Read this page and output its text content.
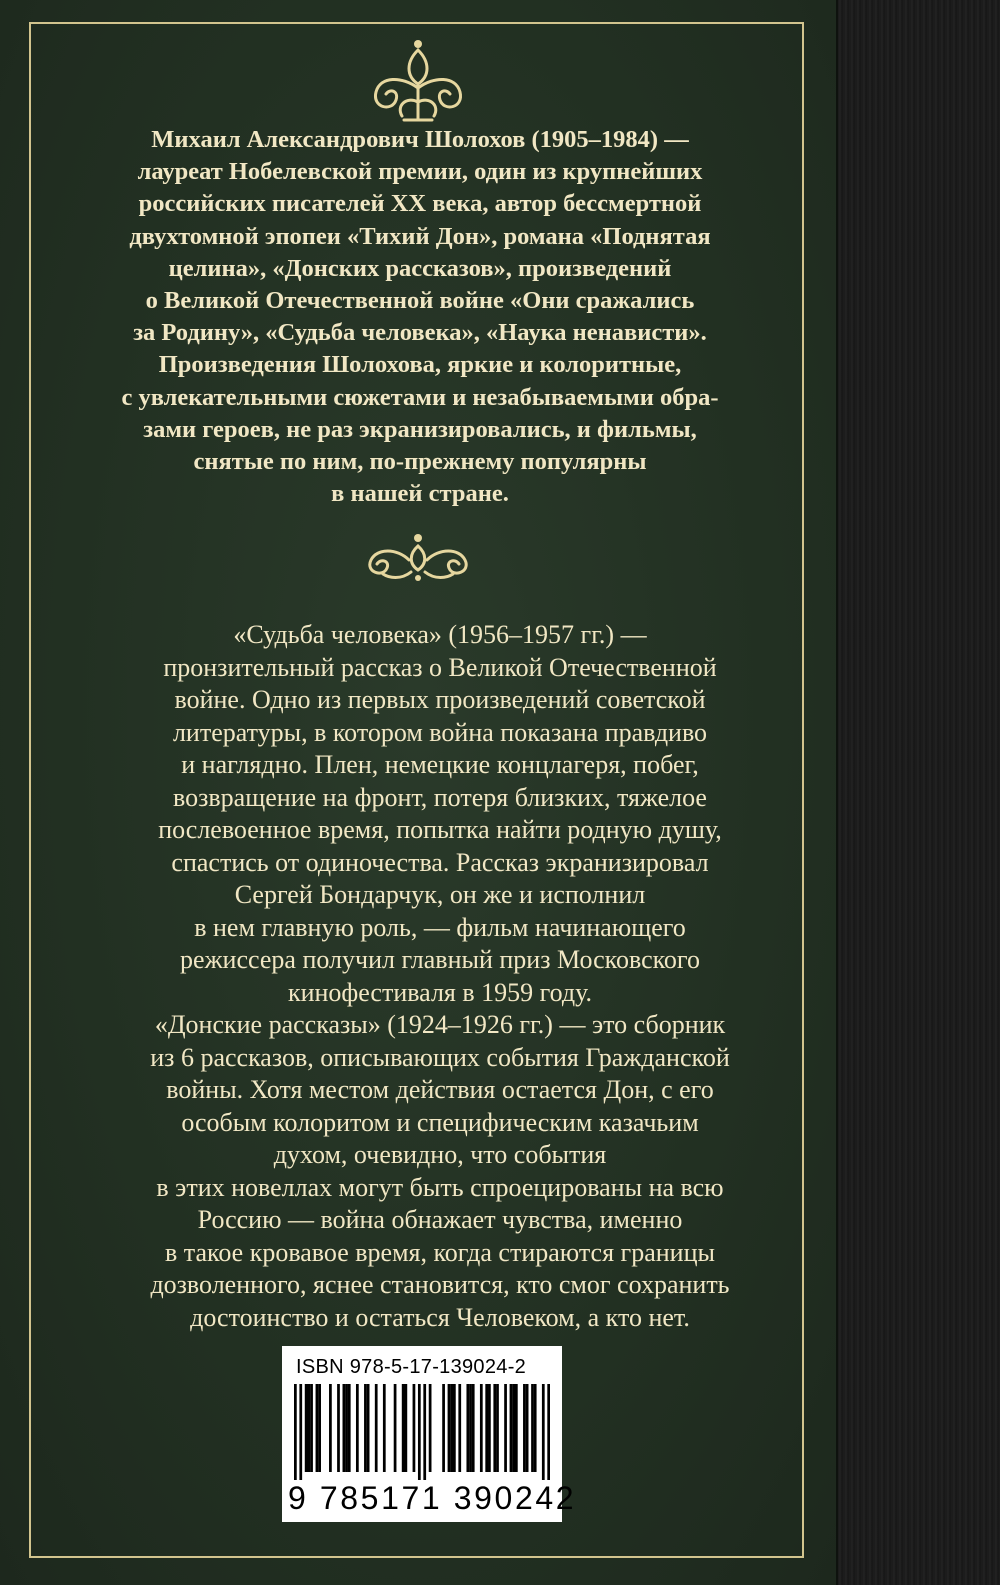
Михаил Александрович Шолохов (1905–1984) —
лауреат Нобелевской премии, один из крупнейших
российских писателей XX века, автор бессмертной
двухтомной эпопеи «Тихий Дон», романа «Поднятая
целина», «Донских рассказов», произведений
о Великой Отечественной войне «Они сражались
за Родину», «Судьба человека», «Наука ненависти».
Произведения Шолохова, яркие и колоритные,
с увлекательными сюжетами и незабываемыми обра-
зами героев, не раз экранизировались, и фильмы,
снятые по ним, по-прежнему популярны
в нашей стране.
«Судьба человека» (1956–1957 гг.) —
пронзительный рассказ о Великой Отечественной
войне. Одно из первых произведений советской
литературы, в котором война показана правдиво
и наглядно. Плен, немецкие концлагеря, побег,
возвращение на фронт, потеря близких, тяжелое
послевоенное время, попытка найти родную душу,
спастись от одиночества. Рассказ экранизировал
Сергей Бондарчук, он же и исполнил
в нем главную роль, — фильм начинающего
режиссера получил главный приз Московского
кинофестиваля в 1959 году.
«Донские рассказы» (1924–1926 гг.) — это сборник
из 6 рассказов, описывающих события Гражданской
войны. Хотя местом действия остается Дон, с его
особым колоритом и специфическим казачьим
духом, очевидно, что события
в этих новеллах могут быть спроецированы на всю
Россию — война обнажает чувства, именно
в такое кровавое время, когда стираются границы
дозволенного, яснее становится, кто смог сохранить
достоинство и остаться Человеком, а кто нет.
ISBN 978-5-17-139024-2
9 785171 390242
